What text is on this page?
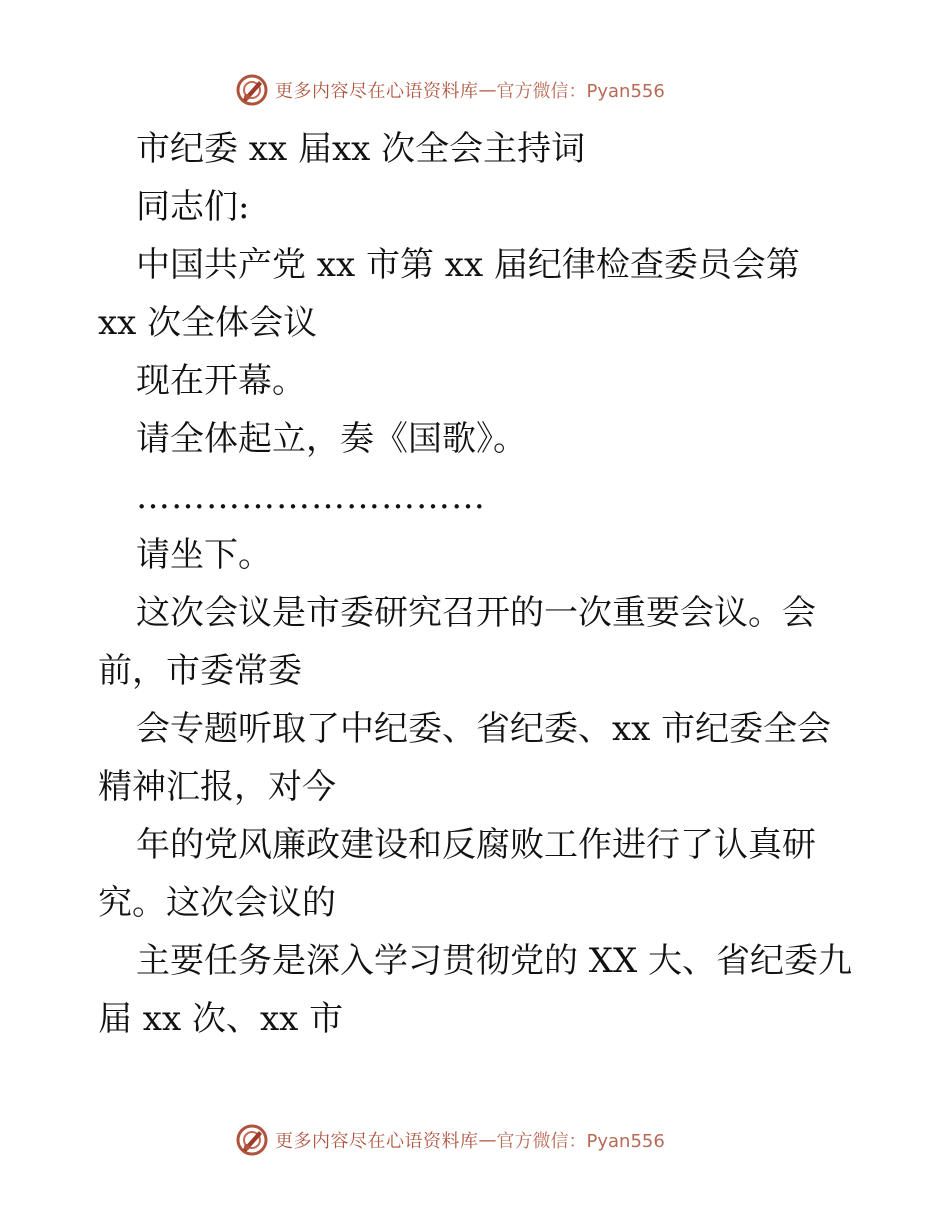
更多内容尽在心语资料库 — 官方微信：Pyan556
市纪委 xx 届xx 次全会主持词
同志们:
中国共产党 xx 市第 xx 届纪律检查委员会第
xx 次全体会议
现在开幕。
请全体起立，奏《国歌》。
…………………………
请坐下。
这次会议是市委研究召开的一次重要会议。会
前，市委常委
会专题听取了中纪委、省纪委、xx 市纪委全会
精神汇报，对今
年的党风廉政建设和反腐败工作进行了认真研
究。这次会议的
主要任务是深入学习贯彻党的 XX 大、省纪委九
届 xx 次、xx 市
更多内容尽在心语资料库 — 官方微信：Pyan556
